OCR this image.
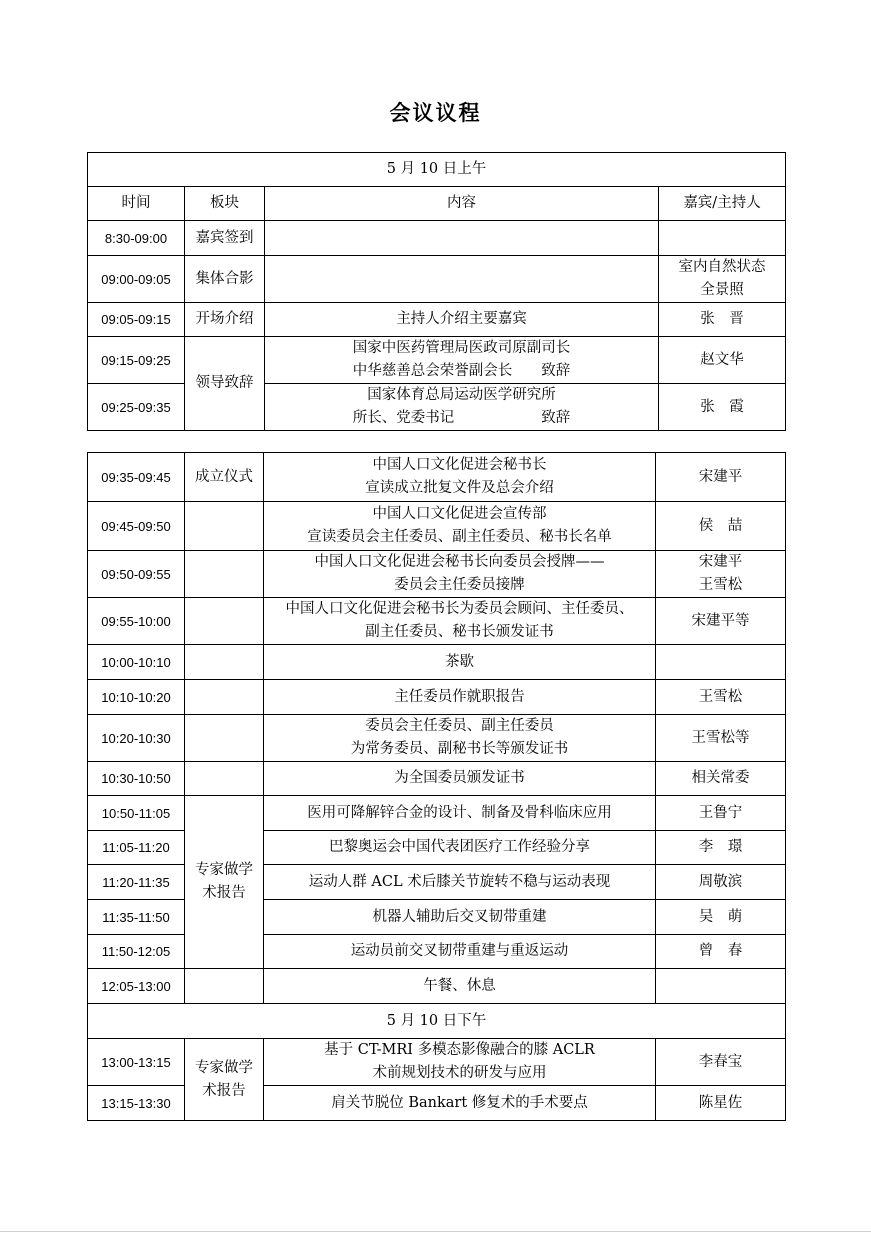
会议议程
5 月 10 日上午			
时间	板块	内容	嘉宾/主持人
8:30-09:00	嘉宾签到		
09:00-09:05	集体合影		室内自然状态
全景照

09:05-09:15	开场介绍	主持人介绍主要嘉宾	张　晋

09:15-09:25	领导致辞	国家中医药管理局医政司原副司长
中华慈善总会荣誉副会长　　致辞	赵文华

09:25-09:35		国家体育总局运动医学研究所
所长、党委书记　　　　　　致辞	张　霞
09:35-09:45	成立仪式	中国人口文化促进会秘书长
宣读成立批复文件及总会介绍	宋建平

09:45-09:50		中国人口文化促进会宣传部
宣读委员会主任委员、副主任委员、秘书长名单	侯　喆

09:50-09:55		中国人口文化促进会秘书长向委员会授牌——
委员会主任委员接牌	宋建平
王雪松

09:55-10:00		中国人口文化促进会秘书长为委员会顾问、主任委员、
副主任委员、秘书长颁发证书	宋建平等

10:00-10:10		茶歇	

10:10-10:20		主任委员作就职报告	王雪松

10:20-10:30		委员会主任委员、副主任委员
为常务委员、副秘书长等颁发证书	王雪松等

10:30-10:50		为全国委员颁发证书	相关常委

10:50-11:05	专家做学术报告	医用可降解锌合金的设计、制备及骨科临床应用	王鲁宁

11:05-11:20		巴黎奥运会中国代表团医疗工作经验分享	李　璟

11:20-11:35		运动人群 ACL 术后膝关节旋转不稳与运动表现	周敬滨

11:35-11:50		机器人辅助后交叉韧带重建	吴　萌

11:50-12:05		运动员前交叉韧带重建与重返运动	曾　春

12:05-13:00		午餐、休息	

5 月 10 日下午			
13:00-13:15	专家做学术报告	基于 CT-MRI 多模态影像融合的膝 ACLR
术前规划技术的研发与应用	李春宝

13:15-13:30		肩关节脱位 Bankart 修复术的手术要点	陈星佐
